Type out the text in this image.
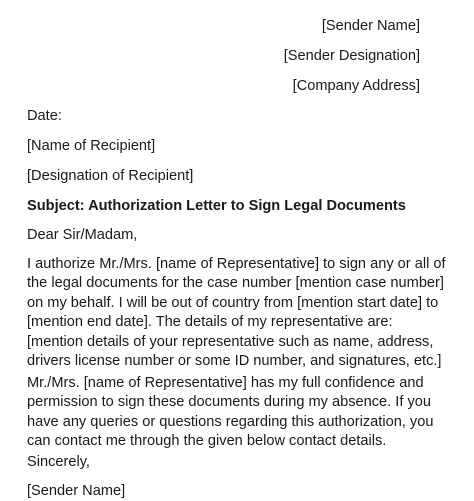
[Sender Name]
[Sender Designation]
[Company Address]
Date:
[Name of Recipient]
[Designation of Recipient]
Subject: Authorization Letter to Sign Legal Documents
Dear Sir/Madam,
I authorize Mr./Mrs. [name of Representative] to sign any or all of
the legal documents for the case number [mention case number]
on my behalf. I will be out of country from [mention start date] to
[mention end date]. The details of my representative are:
[mention details of your representative such as name, address,
drivers license number or some ID number, and signatures, etc.]
Mr./Mrs. [name of Representative] has my full confidence and
permission to sign these documents during my absence. If you
have any queries or questions regarding this authorization, you
can contact me through the given below contact details.
Sincerely,
[Sender Name]
